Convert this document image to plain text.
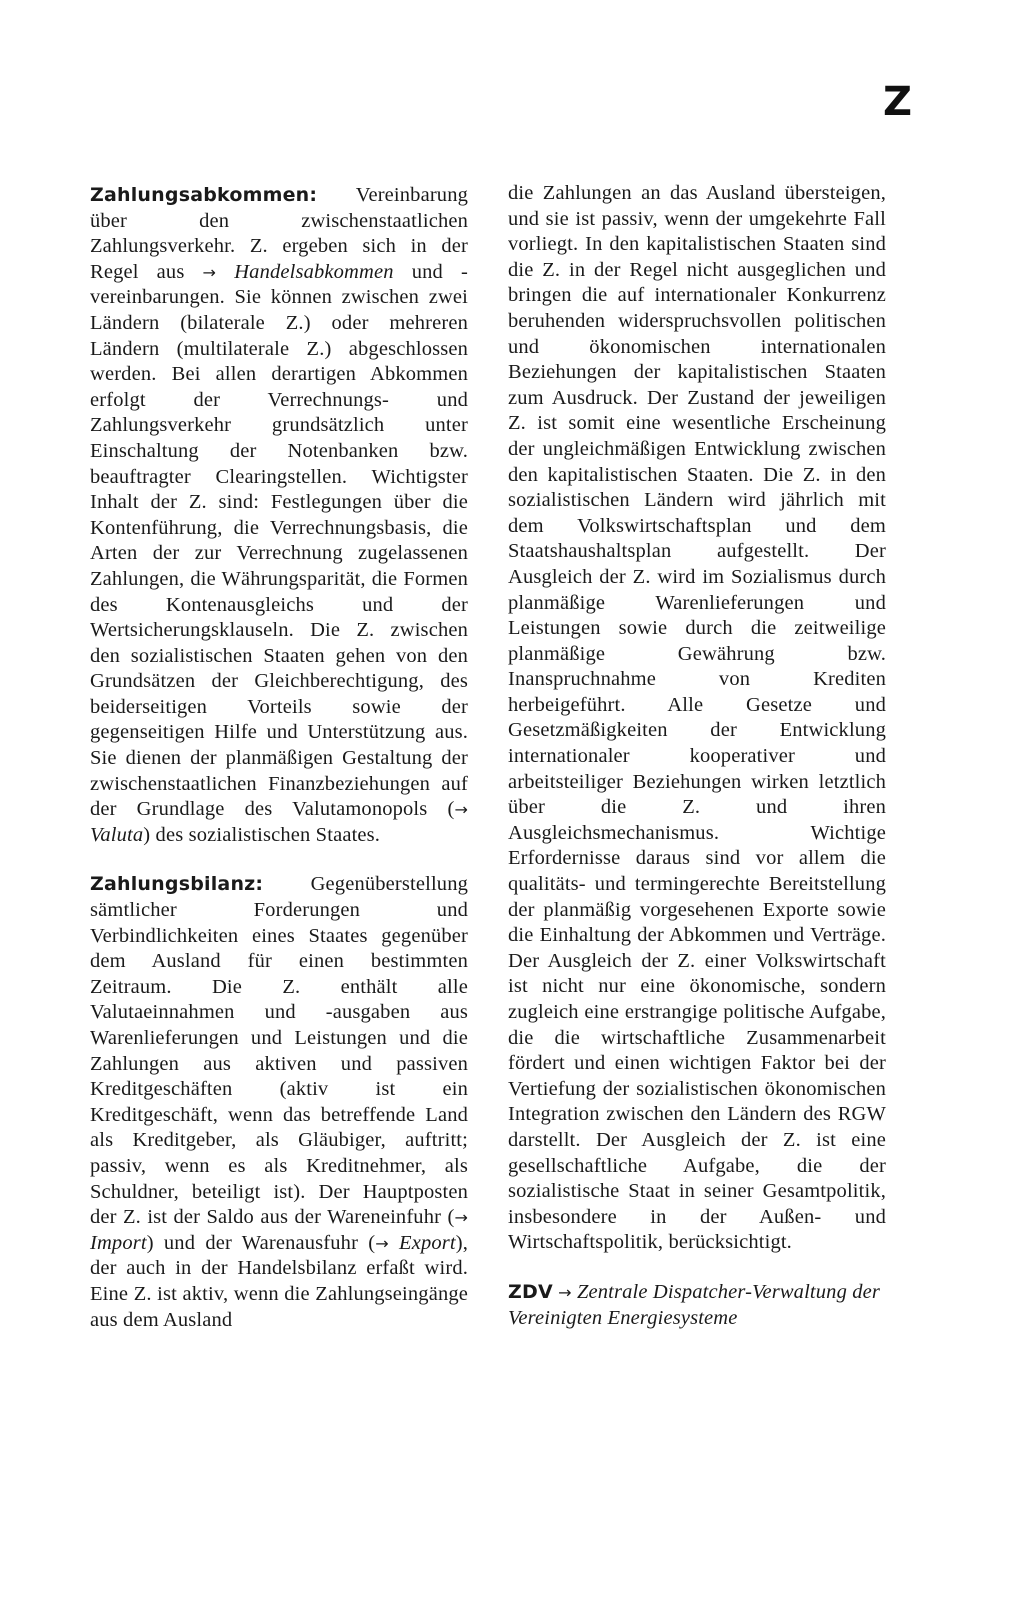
Z

Zahlungsabkommen: Vereinbarung über den zwischenstaatlichen Zahlungsverkehr. Z. ergeben sich in der Regel aus → Handelsabkommen und -vereinbarungen. Sie können zwischen zwei Ländern (bilaterale Z.) oder mehreren Ländern (multilaterale Z.) abgeschlossen werden. Bei allen derartigen Abkommen erfolgt der Verrechnungs- und Zahlungsverkehr grundsätzlich unter Einschaltung der Notenbanken bzw. beauftragter Clearingstellen. Wichtigster Inhalt der Z. sind: Festlegungen über die Kontenführung, die Verrechnungsbasis, die Arten der zur Verrechnung zugelassenen Zahlungen, die Währungsparität, die Formen des Kontenausgleichs und der Wertsicherungsklauseln. Die Z. zwischen den sozialistischen Staaten gehen von den Grundsätzen der Gleichberechtigung, des beiderseitigen Vorteils sowie der gegenseitigen Hilfe und Unterstützung aus. Sie dienen der planmäßigen Gestaltung der zwischenstaatlichen Finanzbeziehungen auf der Grundlage des Valutamonopols (→ Valuta) des sozialistischen Staates.

Zahlungsbilanz: Gegenüberstellung sämtlicher Forderungen und Verbindlichkeiten eines Staates gegenüber dem Ausland für einen bestimmten Zeitraum. Die Z. enthält alle Valutaeinnahmen und -ausgaben aus Warenlieferungen und Leistungen und die Zahlungen aus aktiven und passiven Kreditgeschäften (aktiv ist ein Kreditgeschäft, wenn das betreffende Land als Kreditgeber, als Gläubiger, auftritt; passiv, wenn es als Kreditnehmer, als Schuldner, beteiligt ist). Der Hauptposten der Z. ist der Saldo aus der Wareneinfuhr (→ Import) und der Warenausfuhr (→ Export), der auch in der Handelsbilanz erfaßt wird. Eine Z. ist aktiv, wenn die Zahlungseingänge aus dem Ausland

die Zahlungen an das Ausland übersteigen, und sie ist passiv, wenn der umgekehrte Fall vorliegt. In den kapitalistischen Staaten sind die Z. in der Regel nicht ausgeglichen und bringen die auf internationaler Konkurrenz beruhenden widerspruchsvollen politischen und ökonomischen internationalen Beziehungen der kapitalistischen Staaten zum Ausdruck. Der Zustand der jeweiligen Z. ist somit eine wesentliche Erscheinung der ungleichmäßigen Entwicklung zwischen den kapitalistischen Staaten. Die Z. in den sozialistischen Ländern wird jährlich mit dem Volkswirtschaftsplan und dem Staatshaushaltsplan aufgestellt. Der Ausgleich der Z. wird im Sozialismus durch planmäßige Warenlieferungen und Leistungen sowie durch die zeitweilige planmäßige Gewährung bzw. Inanspruchnahme von Krediten herbeigeführt. Alle Gesetze und Gesetzmäßigkeiten der Entwicklung internationaler kooperativer und arbeitsteiliger Beziehungen wirken letztlich über die Z. und ihren Ausgleichsmechanismus. Wichtige Erfordernisse daraus sind vor allem die qualitäts- und termingerechte Bereitstellung der planmäßig vorgesehenen Exporte sowie die Einhaltung der Abkommen und Verträge. Der Ausgleich der Z. einer Volkswirtschaft ist nicht nur eine ökonomische, sondern zugleich eine erstrangige politische Aufgabe, die die wirtschaftliche Zusammenarbeit fördert und einen wichtigen Faktor bei der Vertiefung der sozialistischen ökonomischen Integration zwischen den Ländern des RGW darstellt. Der Ausgleich der Z. ist eine gesellschaftliche Aufgabe, die der sozialistische Staat in seiner Gesamtpolitik, insbesondere in der Außen- und Wirtschaftspolitik, berücksichtigt.

ZDV → Zentrale Dispatcher-Verwaltung der Vereinigten Energiesysteme
